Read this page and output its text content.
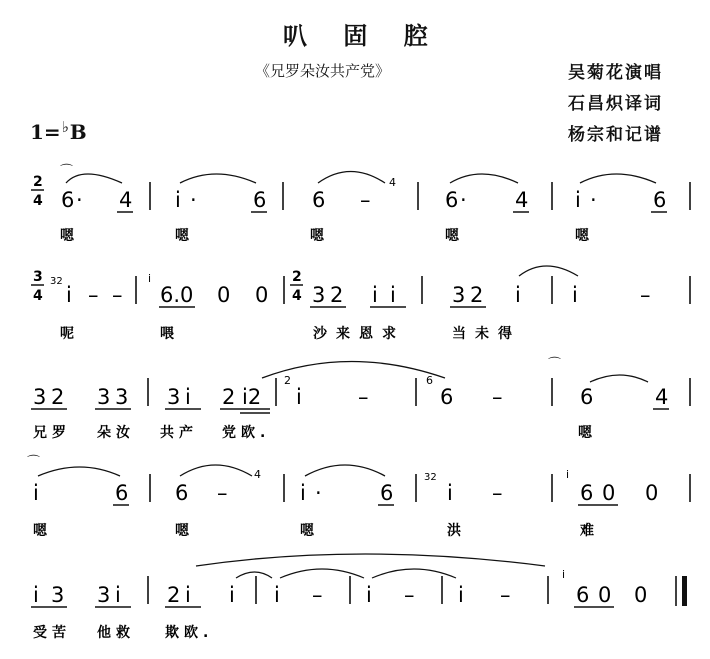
叭 固 腔
《兄罗朵汝共产党》	吴菊花演唱
石昌炽译词
杨宗和记谱
1=♭B
2
4 6 · 4
⌒
i ·	6 6 –
4
6 · 4 i ·	6
嗯	嗯	嗯	嗯	嗯
3
4
32
i – –
i
6.0 0 0
2
4 3 2 i i	3 2 i i	–
呢	喂	沙来恩求	当未得
3 2 3 3 3 i 2 i2
2
i	–
6
6 –
⌒
6	4
兄罗 朵汝 共产 党欧.	嗯
i	6
⌒
6 –
4
i ·	6
32
i –
i
6 0 0
嗯	嗯	嗯	洪	难
i 3 3 i 2 i i i – i – i –
i
6 0 0
受苦 他救 欺欧.
